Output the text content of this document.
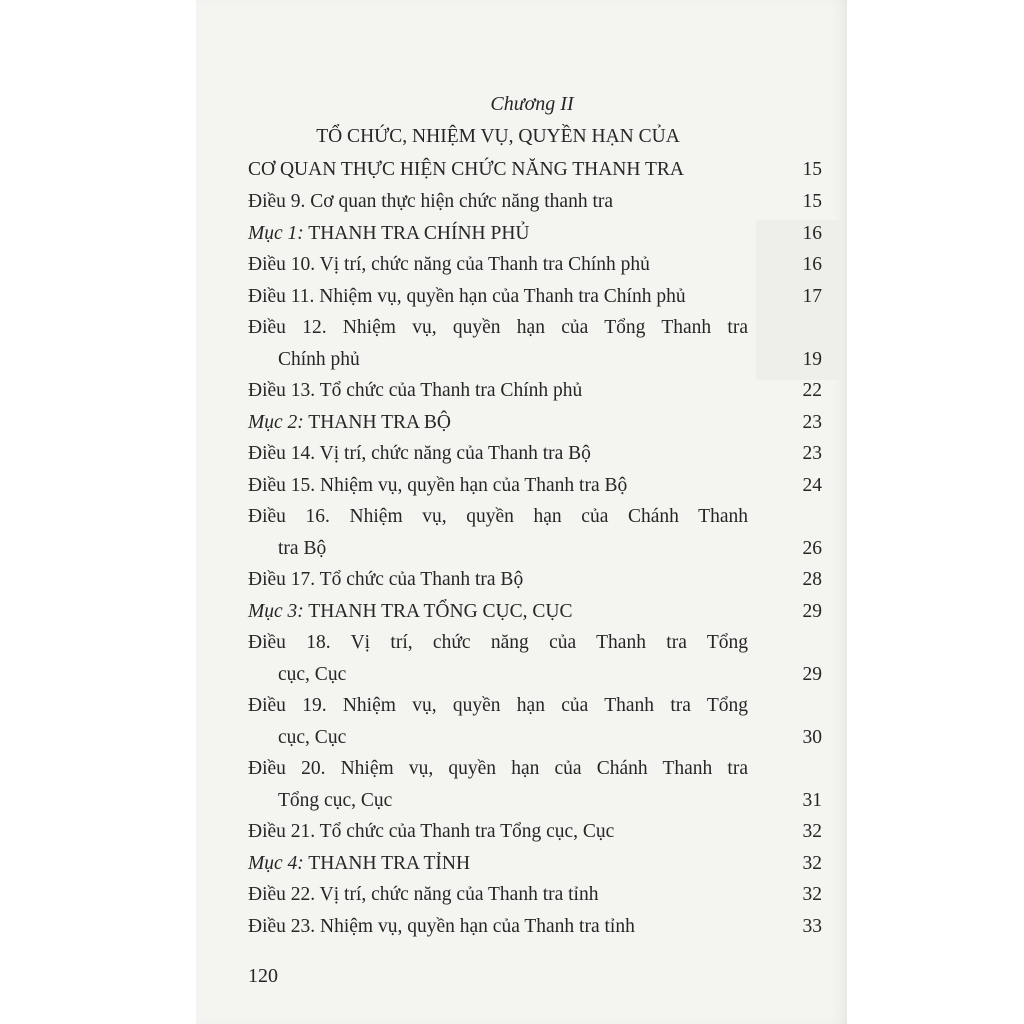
Chương II
TỔ CHỨC, NHIỆM VỤ, QUYỀN HẠN CỦA
CƠ QUAN THỰC HIỆN CHỨC NĂNG THANH TRA	15
Điều 9. Cơ quan thực hiện chức năng thanh tra	15
Mục 1: THANH TRA CHÍNH PHỦ	16
Điều 10. Vị trí, chức năng của Thanh tra Chính phủ	16
Điều 11. Nhiệm vụ, quyền hạn của Thanh tra Chính phủ	17
Điều 12. Nhiệm vụ, quyền hạn của Tổng Thanh tra
Chính phủ	19
Điều 13. Tổ chức của Thanh tra Chính phủ	22
Mục 2: THANH TRA BỘ	23
Điều 14. Vị trí, chức năng của Thanh tra Bộ	23
Điều 15. Nhiệm vụ, quyền hạn của Thanh tra Bộ	24
Điều 16. Nhiệm vụ, quyền hạn của Chánh Thanh
tra Bộ	26
Điều 17. Tổ chức của Thanh tra Bộ	28
Mục 3: THANH TRA TỔNG CỤC, CỤC	29
Điều 18. Vị trí, chức năng của Thanh tra Tổng
cục, Cục	29
Điều 19. Nhiệm vụ, quyền hạn của Thanh tra Tổng
cục, Cục	30
Điều 20. Nhiệm vụ, quyền hạn của Chánh Thanh tra
Tổng cục, Cục	31
Điều 21. Tổ chức của Thanh tra Tổng cục, Cục	32
Mục 4: THANH TRA TỈNH	32
Điều 22. Vị trí, chức năng của Thanh tra tỉnh	32
Điều 23. Nhiệm vụ, quyền hạn của Thanh tra tỉnh	33
120
